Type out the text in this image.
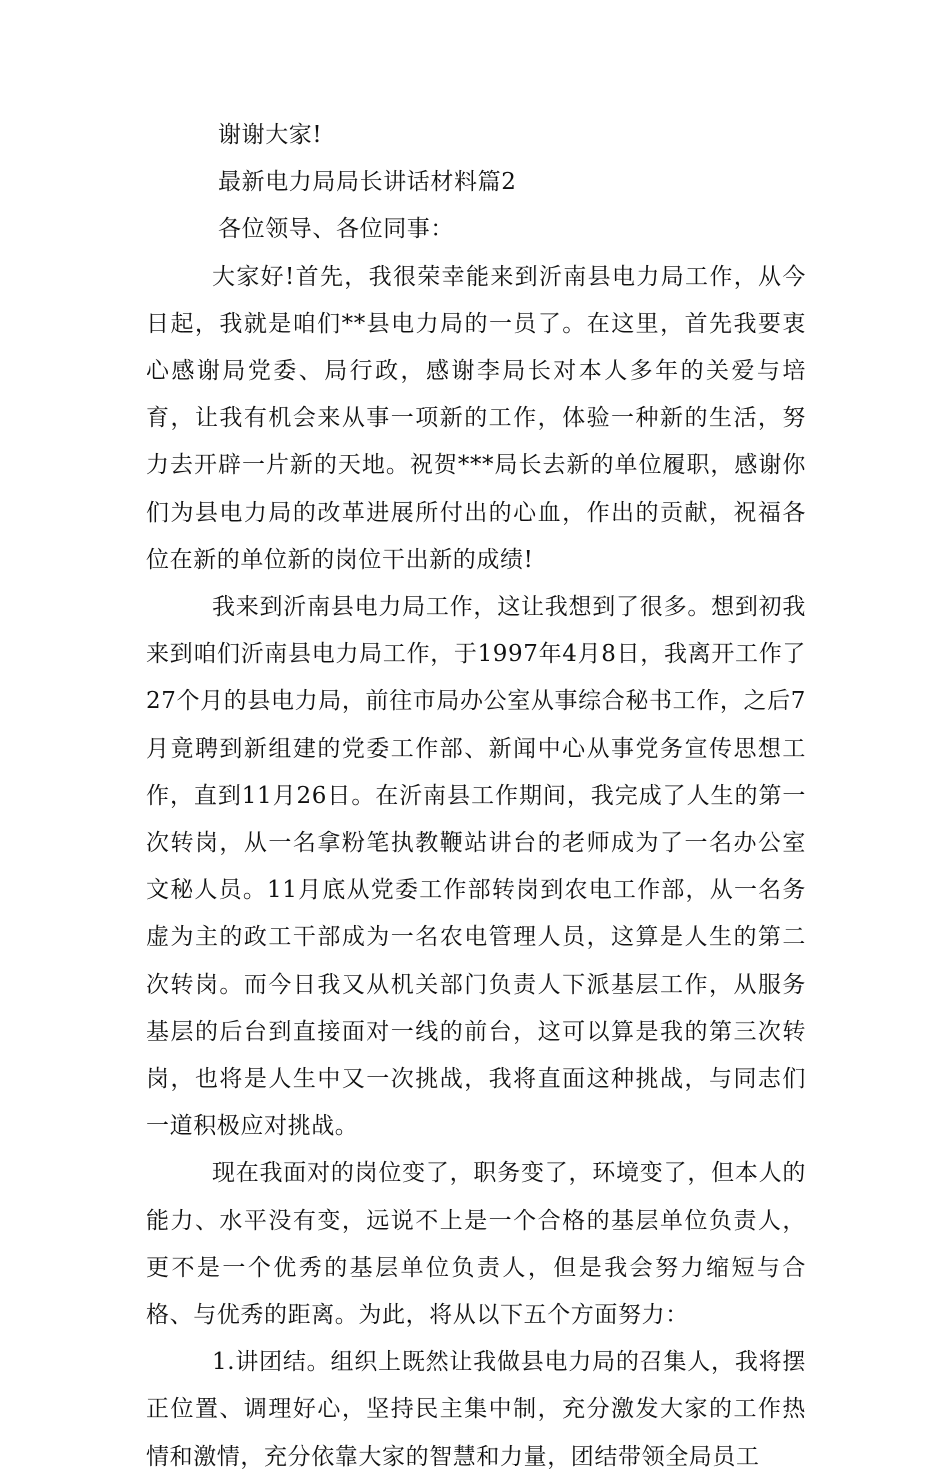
谢谢大家!
最新电力局局长讲话材料篇2
各位领导、各位同事：

大家好!首先，我很荣幸能来到沂南县电力局工作，从今日起，我就是咱们**县电力局的一员了。在这里，首先我要衷心感谢局党委、局行政，感谢李局长对本人多年的关爱与培育，让我有机会来从事一项新的工作，体验一种新的生活，努力去开辟一片新的天地。祝贺***局长去新的单位履职，感谢你们为县电力局的改革进展所付出的心血，作出的贡献，祝福各位在新的单位新的岗位干出新的成绩!

我来到沂南县电力局工作，这让我想到了很多。想到初我来到咱们沂南县电力局工作，于1997年4月8日，我离开工作了27个月的县电力局，前往市局办公室从事综合秘书工作，之后7月竟聘到新组建的党委工作部、新闻中心从事党务宣传思想工作，直到11月26日。在沂南县工作期间，我完成了人生的第一次转岗，从一名拿粉笔执教鞭站讲台的老师成为了一名办公室文秘人员。11月底从党委工作部转岗到农电工作部，从一名务虚为主的政工干部成为一名农电管理人员，这算是人生的第二次转岗。而今日我又从机关部门负责人下派基层工作，从服务基层的后台到直接面对一线的前台，这可以算是我的第三次转岗，也将是人生中又一次挑战，我将直面这种挑战，与同志们一道积极应对挑战。

现在我面对的岗位变了，职务变了，环境变了，但本人的能力、水平没有变，远说不上是一个合格的基层单位负责人，更不是一个优秀的基层单位负责人，但是我会努力缩短与合格、与优秀的距离。为此，将从以下五个方面努力：

1.讲团结。组织上既然让我做县电力局的召集人，我将摆正位置、调理好心，坚持民主集中制，充分激发大家的工作热情和激情，充分依靠大家的智慧和力量，团结带领全局员工
